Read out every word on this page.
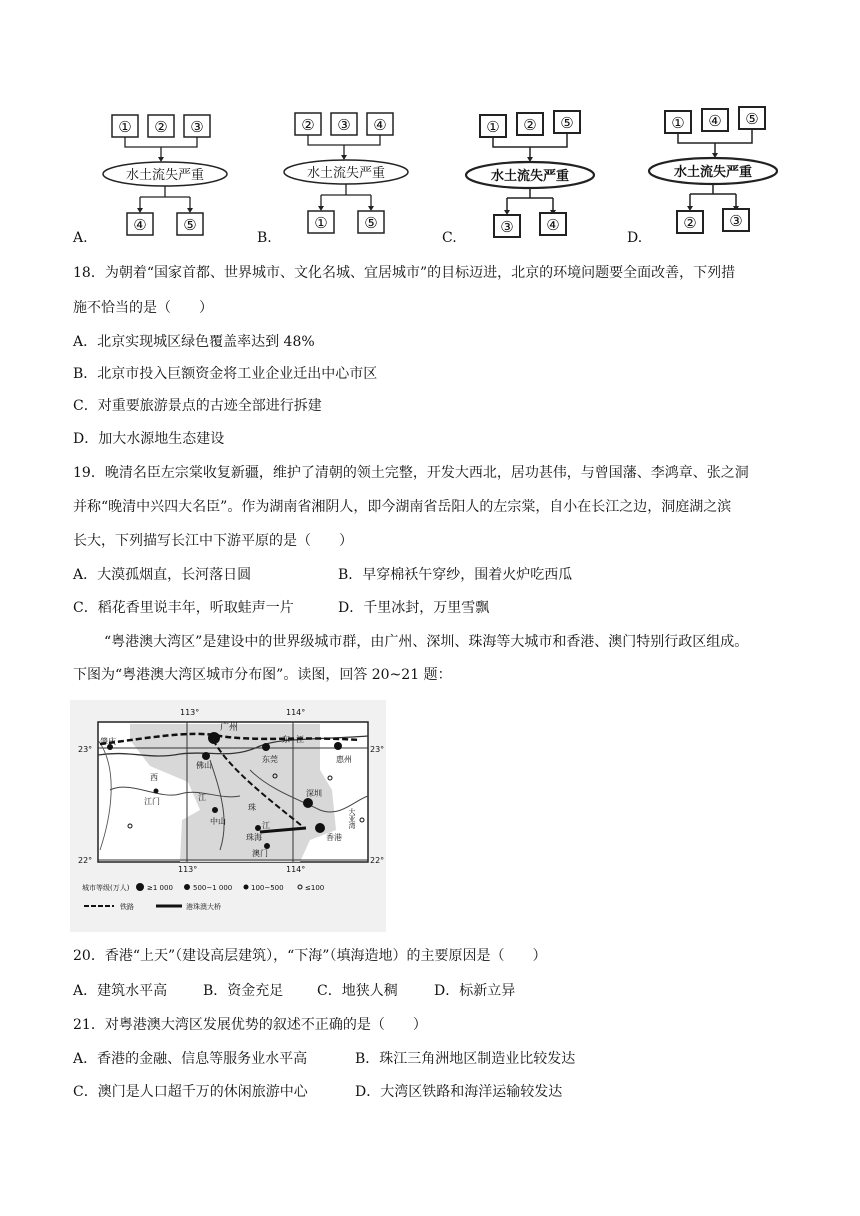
A.	B.	C.	D.
① ② ③
水土流失严重
④ ⑤
② ③ ④
水土流失严重
① ⑤
① ② ⑤
水土流失严重
③ ④
① ④ ⑤
水土流失严重
② ③
18．为朝着“国家首都、世界城市、文化名城、宜居城市”的目标迈进，北京的环境问题要全面改善，下列措
施不恰当的是（　　）
A．北京实现城区绿色覆盖率达到 48%
B．北京市投入巨额资金将工业企业迁出中心市区
C．对重要旅游景点的古迹全部进行拆建
D．加大水源地生态建设
19．晚清名臣左宗棠收复新疆，维护了清朝的领土完整，开发大西北，居功甚伟，与曾国藩、李鸿章、张之洞
并称“晚清中兴四大名臣”。作为湖南省湘阴人，即今湖南省岳阳人的左宗棠，自小在长江之边，洞庭湖之滨
长大，下列描写长江中下游平原的是（　　）
A．大漠孤烟直，长河落日圆	B．早穿棉袄午穿纱，围着火炉吃西瓜
C．稻花香里说丰年，听取蛙声一片	D．千里冰封，万里雪飘
“粤港澳大湾区”是建设中的世界级城市群，由广州、深圳、珠海等大城市和香港、澳门特别行政区组成。
下图为“粤港澳大湾区城市分布图”。读图，回答 20~21 题：
113°	114°
113°	114°
23°	23°
22°	22°
广州
东莞	惠州
肇庆
佛山
江门
中山
深圳
珠海
澳门
香港
东 江
西
江
珠
江	大亚湾
城市等级(万人)	≥1 000	500~1 000	100~500	≤100
铁路	港珠澳大桥
20．香港“上天”（建设高层建筑），“下海”（填海造地）的主要原因是（　　）
A．建筑水平高	B．资金充足 C．地狭人稠	D．标新立异
21．对粤港澳大湾区发展优势的叙述不正确的是（　　）
A．香港的金融、信息等服务业水平高	B．珠江三角洲地区制造业比较发达
C．澳门是人口超千万的休闲旅游中心	D．大湾区铁路和海洋运输较发达
